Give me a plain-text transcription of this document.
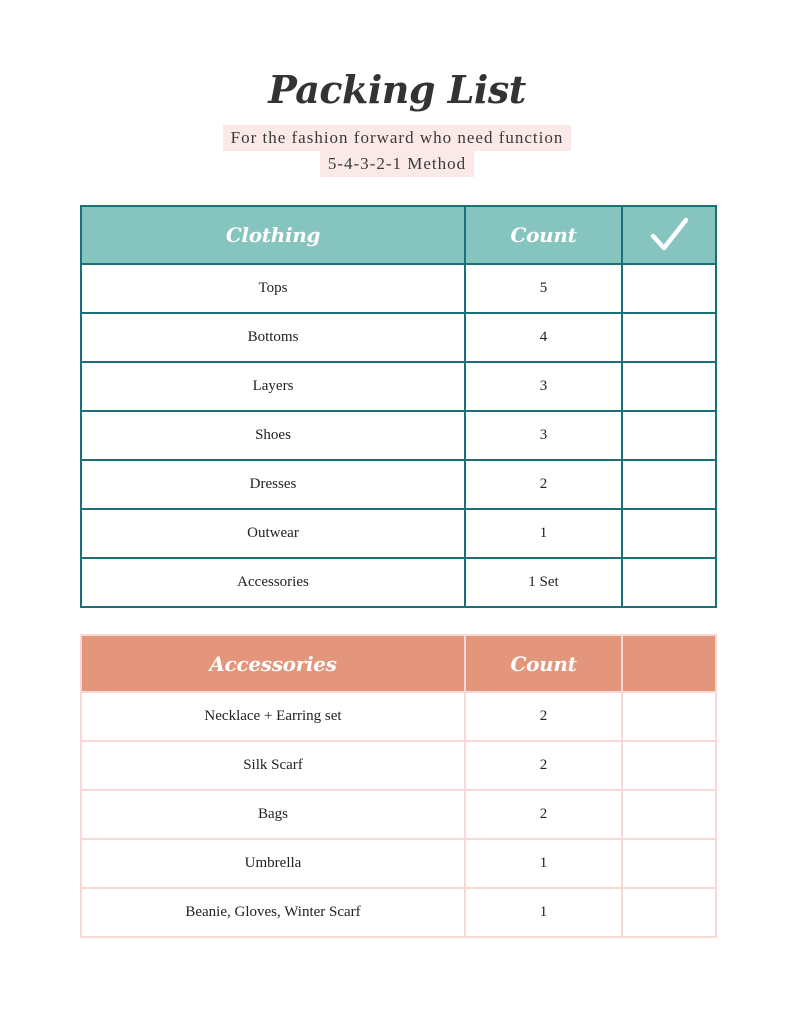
Packing List
For the fashion forward who need function
5-4-3-2-1 Method
Clothing	Count	
Tops	5	
Bottoms	4	
Layers	3	
Shoes	3	
Dresses	2	
Outwear	1	
Accessories	1 Set	
Accessories	Count	
Necklace + Earring set	2	
Silk Scarf	2	
Bags	2	
Umbrella	1	
Beanie, Gloves, Winter Scarf	1	
